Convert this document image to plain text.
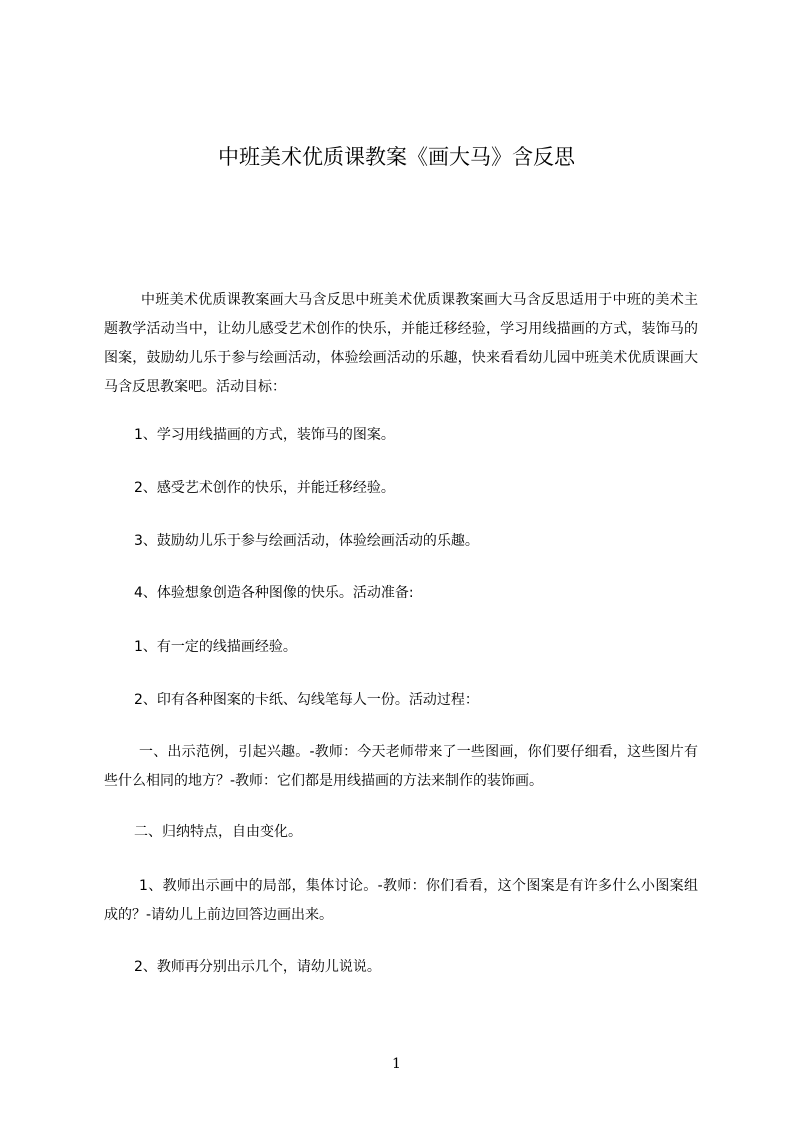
中班美术优质课教案《画大马》含反思
中班美术优质课教案画大马含反思中班美术优质课教案画大马含反思适用于中班的美术主题教学活动当中，让幼儿感受艺术创作的快乐，并能迁移经验，学习用线描画的方式，装饰马的图案，鼓励幼儿乐于参与绘画活动，体验绘画活动的乐趣，快来看看幼儿园中班美术优质课画大马含反思教案吧。活动目标：
1、学习用线描画的方式，装饰马的图案。
2、感受艺术创作的快乐，并能迁移经验。
3、鼓励幼儿乐于参与绘画活动，体验绘画活动的乐趣。
4、体验想象创造各种图像的快乐。活动准备:
1、有一定的线描画经验。
2、印有各种图案的卡纸、勾线笔每人一份。活动过程：
一、出示范例，引起兴趣。-教师：今天老师带来了一些图画，你们要仔细看，这些图片有些什么相同的地方？-教师：它们都是用线描画的方法来制作的装饰画。
二、归纳特点，自由变化。
1、教师出示画中的局部，集体讨论。-教师：你们看看，这个图案是有许多什么小图案组成的？-请幼儿上前边回答边画出来。
2、教师再分别出示几个，请幼儿说说。
1
